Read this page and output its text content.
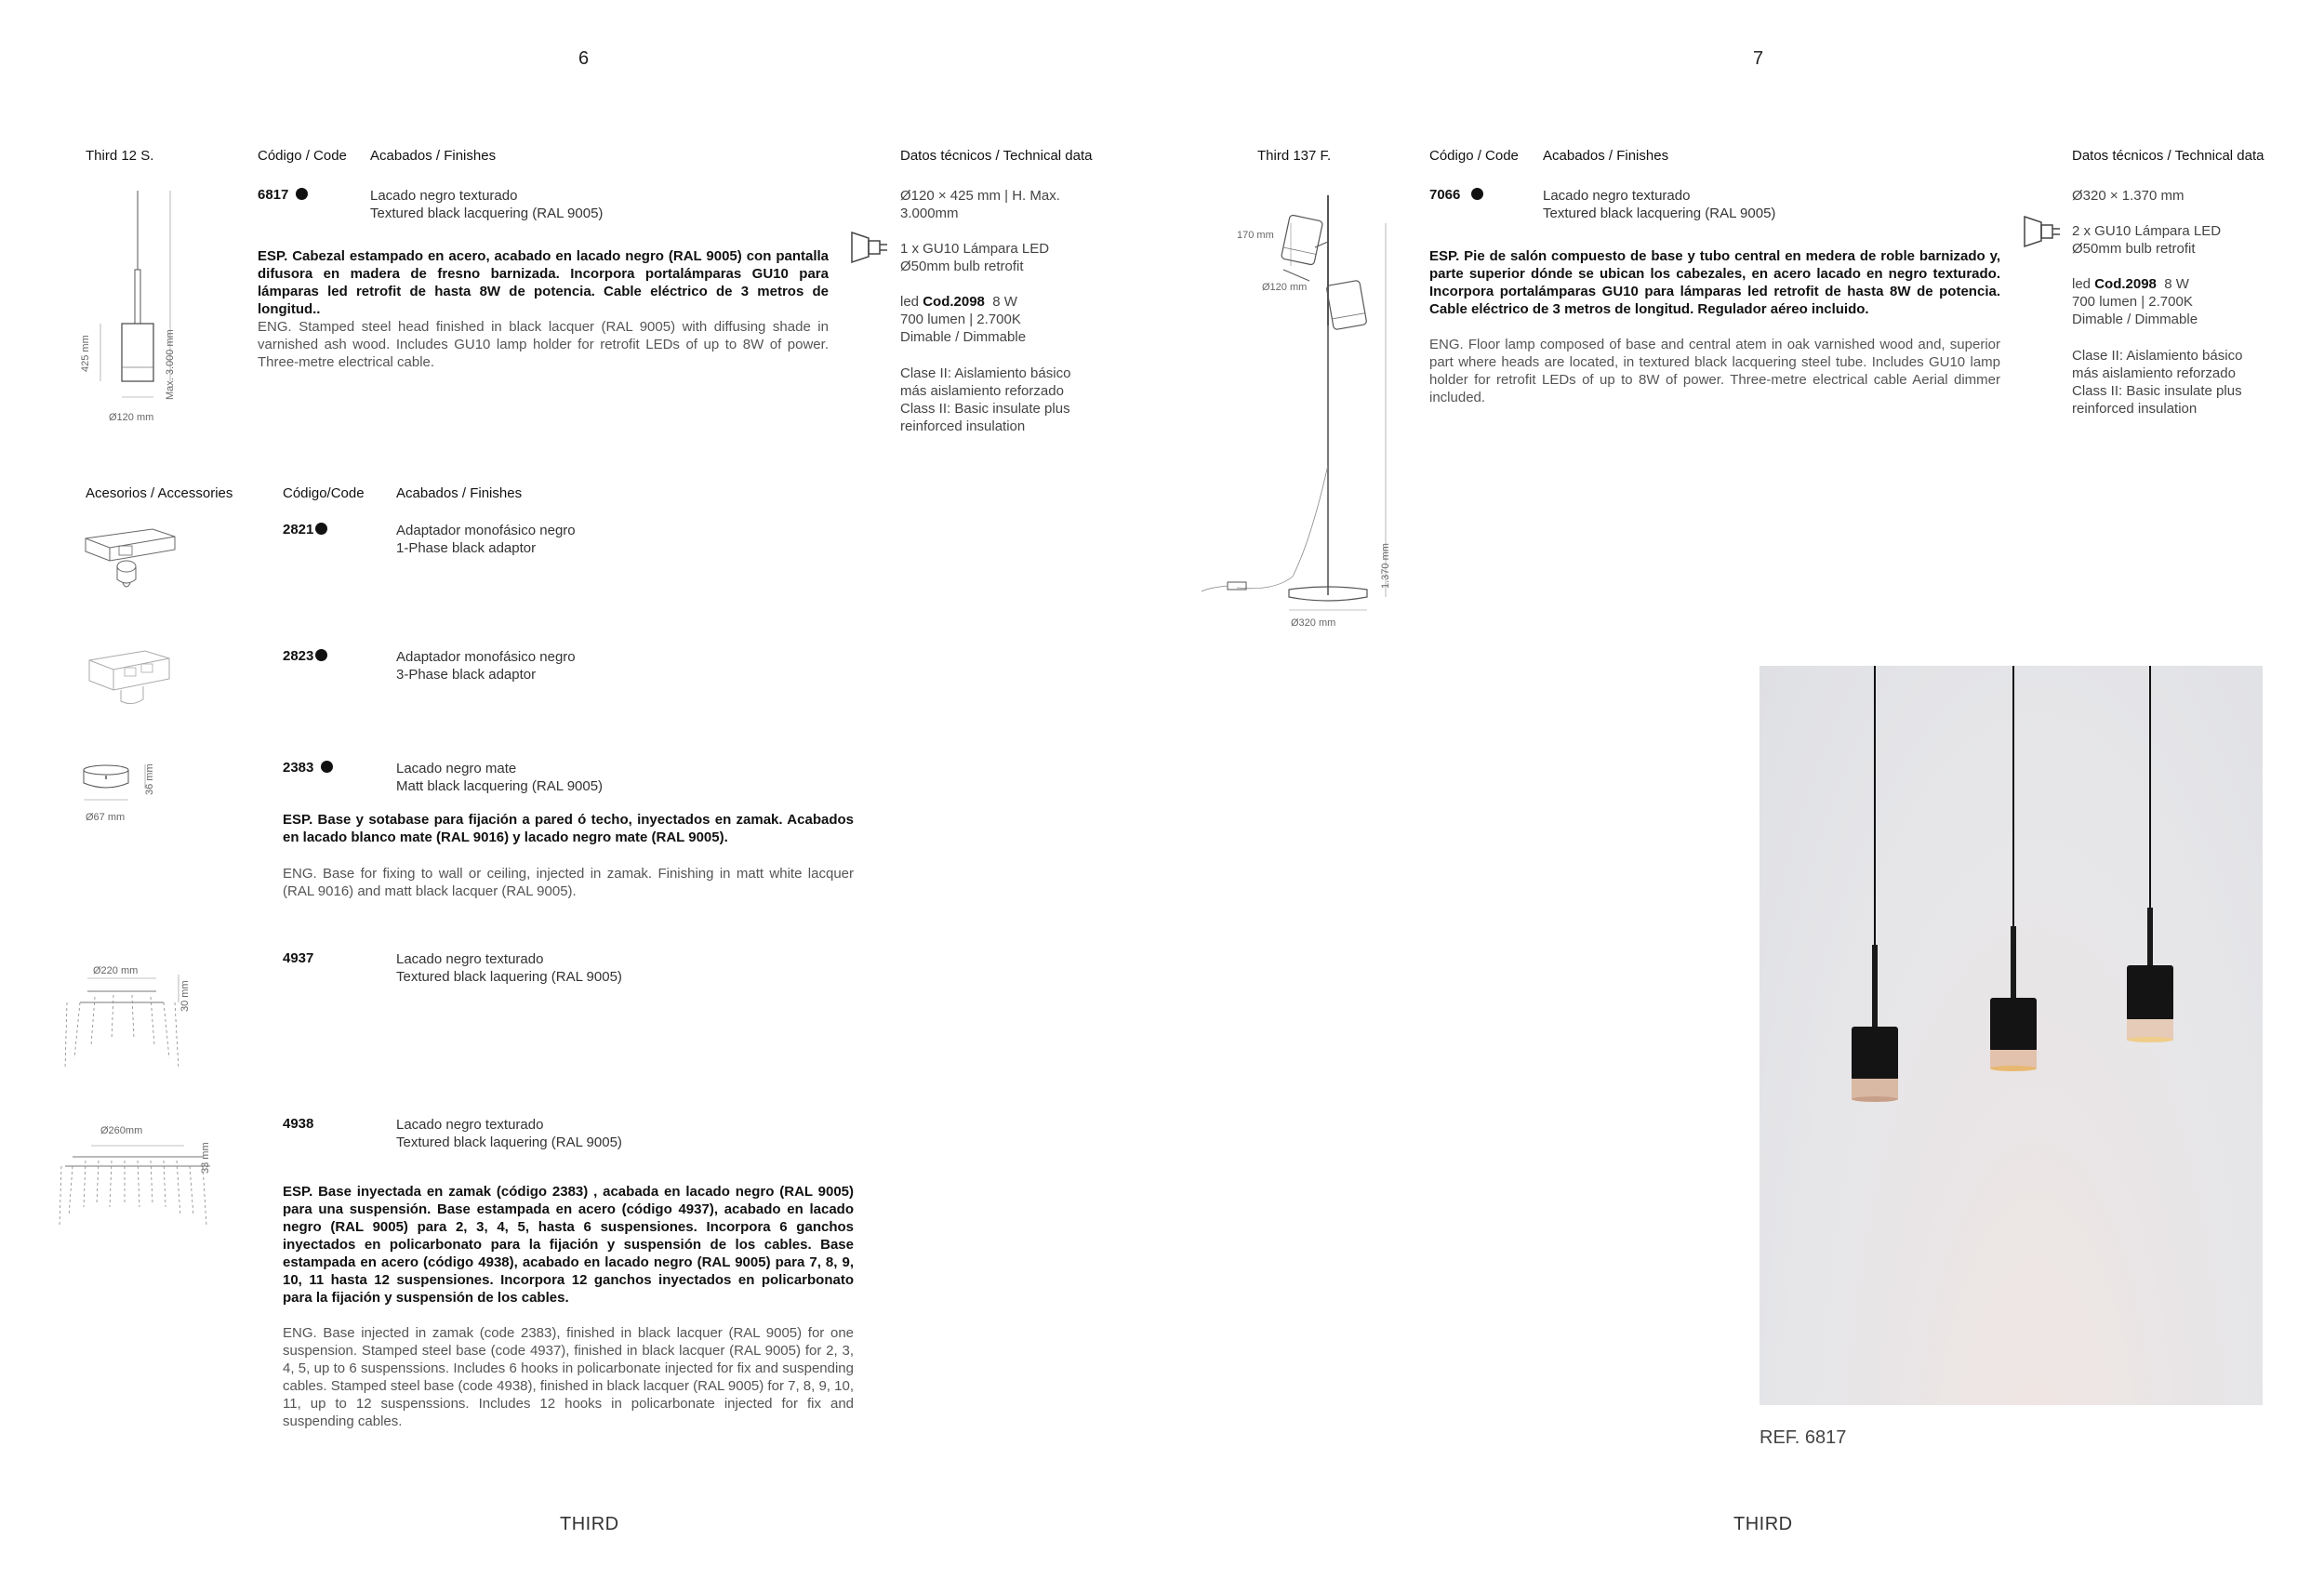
6
Third 12 S.	Código / Code Acabados / Finishes	Datos técnicos / Technical data
425 mm	Max. 3.000 mm
Ø120 mm
6817	Lacado negro texturado
Textured black lacquering (RAL 9005)
ESP. Cabezal estampado en acero, acabado en lacado negro (RAL 9005) con pantalla difusora en madera de fresno barnizada. Incorpora portalámparas GU10 para lámparas led retrofit de hasta 8W de potencia. Cable eléctrico de 3 metros de longitud..
ENG. Stamped steel head finished in black lacquer (RAL 9005) with diffusing shade in varnished ash wood. Includes GU10 lamp holder for retrofit LEDs of up to 8W of power. Three-metre electrical cable.
Ø120 × 425 mm | H. Max.
3.000mm
1 x GU10 Lámpara LED
Ø50mm bulb retrofit
led Cod.2098 8 W
700 lumen | 2.700K
Dimable / Dimmable
Clase II: Aislamiento básico
más aislamiento reforzado
Class II: Basic insulate plus
reinforced insulation
Acesorios / Accessories	Código/Code Acabados / Finishes
2821	Adaptador monofásico negro
1-Phase black adaptor
2823	Adaptador monofásico negro
3-Phase black adaptor
36 mm
Ø67 mm
2383	Lacado negro mate
Matt black lacquering (RAL 9005)
ESP. Base y sotabase para fijación a pared ó techo, inyectados en zamak. Acabados en lacado blanco mate (RAL 9016) y lacado negro mate (RAL 9005).
ENG. Base for fixing to wall or ceiling, injected in zamak. Finishing in matt white lacquer (RAL 9016) and matt black lacquer (RAL 9005).
Ø220 mm
30 mm
4937	Lacado negro texturado
Textured black laquering (RAL 9005)
Ø260mm
33 mm
4938	Lacado negro texturado
Textured black laquering (RAL 9005)
ESP. Base inyectada en zamak (código 2383) , acabada en lacado negro (RAL 9005) para una suspensión. Base estampada en acero (código 4937), acabado en lacado negro (RAL 9005) para 2, 3, 4, 5, hasta 6 suspensiones. Incorpora 6 ganchos inyectados en policarbonato para la fijación y suspensión de los cables. Base estampada en acero (código 4938), acabado en lacado negro (RAL 9005) para 7, 8, 9, 10, 11 hasta 12 suspensiones. Incorpora 12 ganchos inyectados en policarbonato para la fijación y suspensión de los cables.
ENG. Base injected in zamak (code 2383), finished in black lacquer (RAL 9005) for one suspension. Stamped steel base (code 4937), finished in black lacquer (RAL 9005) for 2, 3, 4, 5, up to 6 suspenssions. Includes 6 hooks in policarbonate injected for fix and suspending cables. Stamped steel base (code 4938), finished in black lacquer (RAL 9005) for 7, 8, 9, 10, 11, up to 12 suspenssions. Includes 12 hooks in policarbonate injected for fix and suspending cables.
THIRD
7
Third 137 F.	Código / Code Acabados / Finishes	Datos técnicos / Technical data
170 mm
Ø120 mm
1.370 mm
Ø320 mm
7066	Lacado negro texturado
Textured black lacquering (RAL 9005)
ESP. Pie de salón compuesto de base y tubo central en medera de roble barnizado y, parte superior dónde se ubican los cabezales, en acero lacado en negro texturado. Incorpora portalámparas GU10 para lámparas led retrofit de hasta 8W de potencia. Cable eléctrico de 3 metros de longitud. Regulador aéreo incluido.
ENG. Floor lamp composed of base and central atem in oak varnished wood and, superior part where heads are located, in textured black lacquering steel tube. Includes GU10 lamp holder for retrofit LEDs of up to 8W of power. Three-metre electrical cable Aerial dimmer included.
Ø320 × 1.370 mm
2 x GU10 Lámpara LED
Ø50mm bulb retrofit
led Cod.2098 8 W
700 lumen | 2.700K
Dimable / Dimmable
Clase II: Aislamiento básico
más aislamiento reforzado
Class II: Basic insulate plus
reinforced insulation
REF. 6817
THIRD
